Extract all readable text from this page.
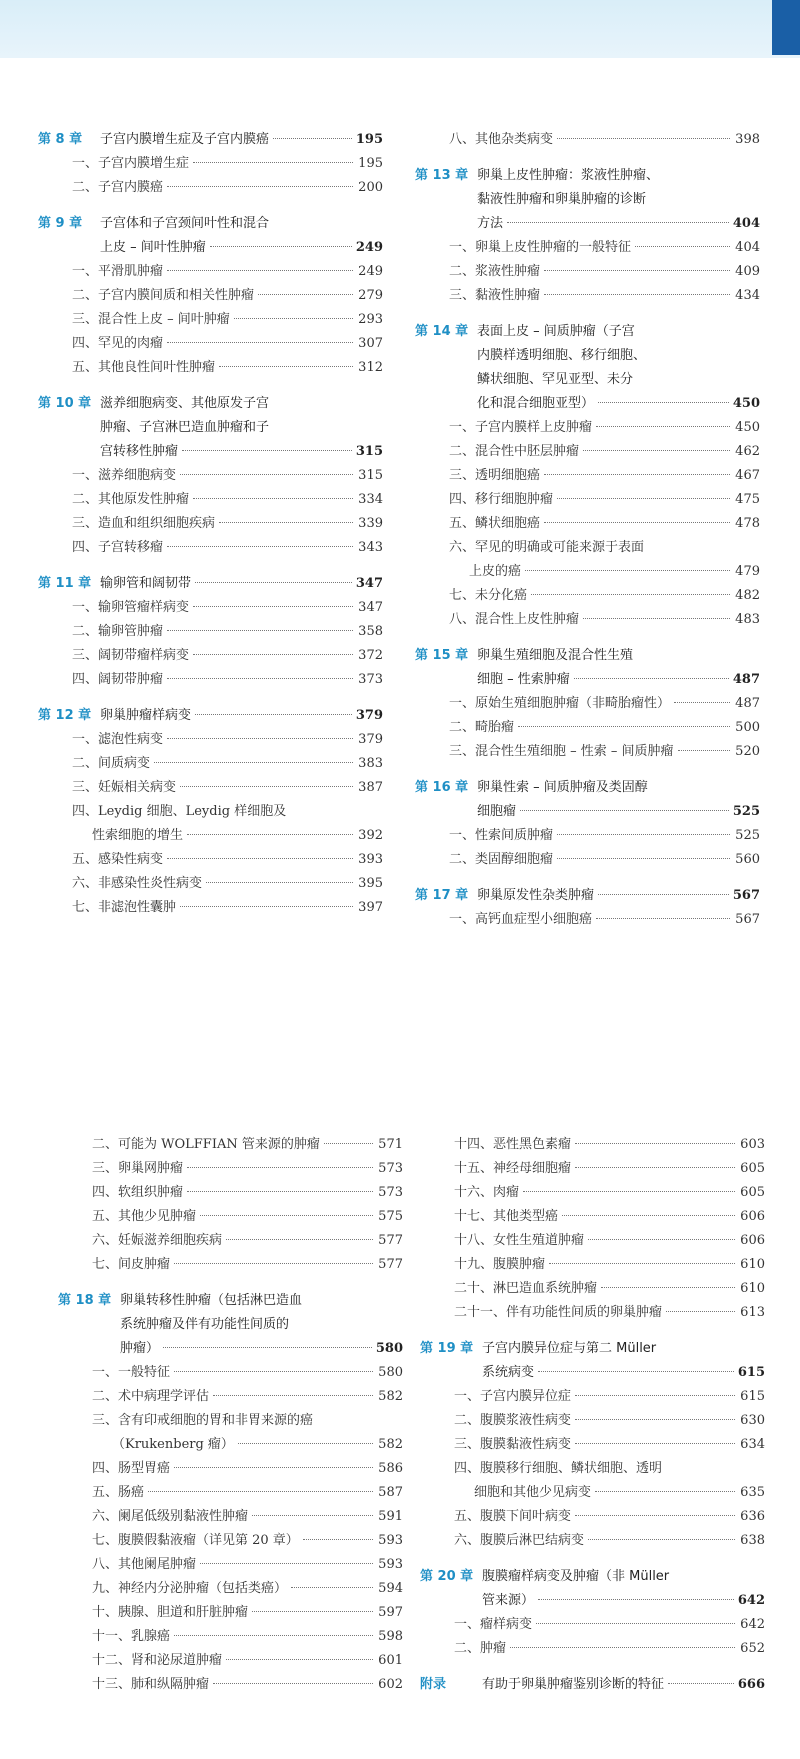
第 8 章	子宫内膜增生症及子宫内膜癌	195
一、子宫内膜增生症	195
二、子宫内膜癌	200
第 9 章	子宫体和子宫颈间叶性和混合
上皮 – 间叶性肿瘤	249
一、平滑肌肿瘤	249
二、子宫内膜间质和相关性肿瘤	279
三、混合性上皮 – 间叶肿瘤	293
四、罕见的肉瘤	307
五、其他良性间叶性肿瘤	312
第 10 章 滋养细胞病变、其他原发子宫
肿瘤、子宫淋巴造血肿瘤和子
宫转移性肿瘤	315
一、滋养细胞病变	315
二、其他原发性肿瘤	334
三、造血和组织细胞疾病	339
四、子宫转移瘤	343
第 11 章 输卵管和阔韧带	347
一、输卵管瘤样病变	347
二、输卵管肿瘤	358
三、阔韧带瘤样病变	372
四、阔韧带肿瘤	373
第 12 章 卵巢肿瘤样病变	379
一、滤泡性病变	379
二、间质病变	383
三、妊娠相关病变	387
四、Leydig 细胞、Leydig 样细胞及
性索细胞的增生	392
五、感染性病变	393
六、非感染性炎性病变	395
七、非滤泡性囊肿	397
八、其他杂类病变	398
第 13 章 卵巢上皮性肿瘤：浆液性肿瘤、
黏液性肿瘤和卵巢肿瘤的诊断
方法	404
一、卵巢上皮性肿瘤的一般特征	404
二、浆液性肿瘤	409
三、黏液性肿瘤	434
第 14 章 表面上皮 – 间质肿瘤（子宫
内膜样透明细胞、移行细胞、
鳞状细胞、罕见亚型、未分
化和混合细胞亚型）	450
一、子宫内膜样上皮肿瘤	450
二、混合性中胚层肿瘤	462
三、透明细胞癌	467
四、移行细胞肿瘤	475
五、鳞状细胞癌	478
六、罕见的明确或可能来源于表面
上皮的癌	479
七、未分化癌	482
八、混合性上皮性肿瘤	483
第 15 章 卵巢生殖细胞及混合性生殖
细胞 – 性索肿瘤	487
一、原始生殖细胞肿瘤（非畸胎瘤性）	487
二、畸胎瘤	500
三、混合性生殖细胞 – 性索 – 间质肿瘤	520
第 16 章 卵巢性索 – 间质肿瘤及类固醇
细胞瘤	525
一、性索间质肿瘤	525
二、类固醇细胞瘤	560
第 17 章 卵巢原发性杂类肿瘤	567
一、高钙血症型小细胞癌	567
二、可能为 WOLFFIAN 管来源的肿瘤	571
三、卵巢网肿瘤	573
四、软组织肿瘤	573
五、其他少见肿瘤	575
六、妊娠滋养细胞疾病	577
七、间皮肿瘤	577
第 18 章 卵巢转移性肿瘤（包括淋巴造血
系统肿瘤及伴有功能性间质的
肿瘤）	580
一、一般特征	580
二、术中病理学评估	582
三、含有印戒细胞的胃和非胃来源的癌
（Krukenberg 瘤）	582
四、肠型胃癌	586
五、肠癌	587
六、阑尾低级别黏液性肿瘤	591
七、腹膜假黏液瘤（详见第 20 章）	593
八、其他阑尾肿瘤	593
九、神经内分泌肿瘤（包括类癌）	594
十、胰腺、胆道和肝脏肿瘤	597
十一、乳腺癌	598
十二、肾和泌尿道肿瘤	601
十三、肺和纵隔肿瘤	602
十四、恶性黑色素瘤	603
十五、神经母细胞瘤	605
十六、肉瘤	605
十七、其他类型癌	606
十八、女性生殖道肿瘤	606
十九、腹膜肿瘤	610
二十、淋巴造血系统肿瘤	610
二十一、伴有功能性间质的卵巢肿瘤	613
第 19 章 子宫内膜异位症与第二 Müller
系统病变	615
一、子宫内膜异位症	615
二、腹膜浆液性病变	630
三、腹膜黏液性病变	634
四、腹膜移行细胞、鳞状细胞、透明
细胞和其他少见病变	635
五、腹膜下间叶病变	636
六、腹膜后淋巴结病变	638
第 20 章 腹膜瘤样病变及肿瘤（非 Müller
管来源）	642
一、瘤样病变	642
二、肿瘤	652
附录	有助于卵巢肿瘤鉴别诊断的特征	666
